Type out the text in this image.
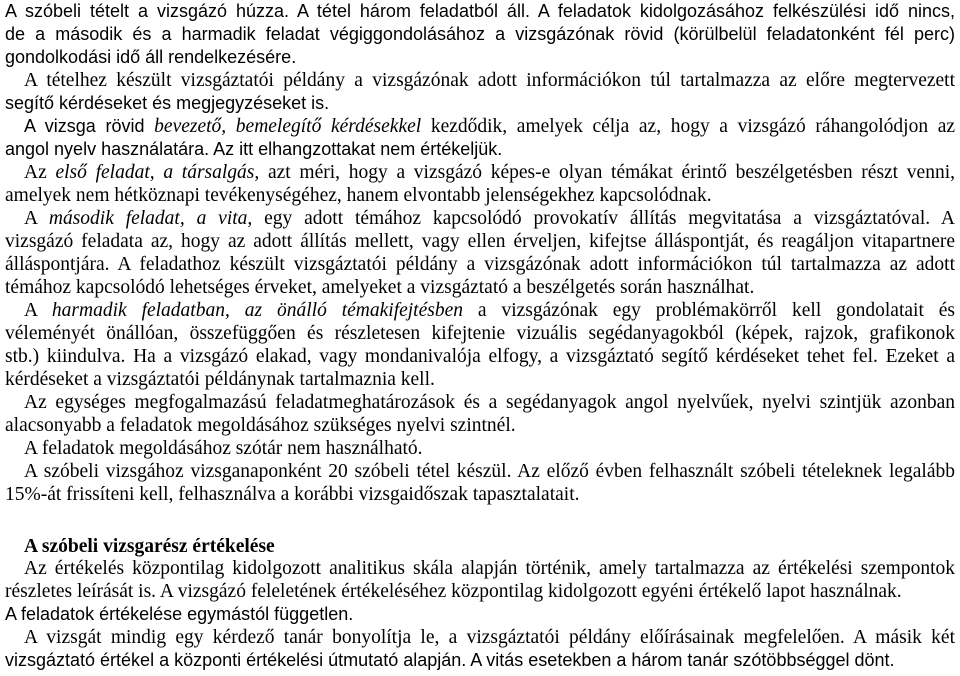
A szóbeli tételt a vizsgázó húzza. A tétel három feladatból áll. A feladatok kidolgozásához felkészülési idő nincs,
de a második és a harmadik feladat végiggondolásához a vizsgázónak rövid (körülbelül feladatonként fél perc)
gondolkodási idő áll rendelkezésére.
A tételhez készült vizsgáztatói példány a vizsgázónak adott információkon túl tartalmazza az előre megtervezett
segítő kérdéseket és megjegyzéseket is.
A vizsga rövid bevezető, bemelegítő kérdésekkel kezdődik, amelyek célja az, hogy a vizsgázó ráhangolódjon az
angol nyelv használatára. Az itt elhangzottakat nem értékeljük.
Az első feladat, a társalgás, azt méri, hogy a vizsgázó képes-e olyan témákat érintő beszélgetésben részt venni,
amelyek nem hétköznapi tevékenységéhez, hanem elvontabb jelenségekhez kapcsolódnak.
A második feladat, a vita, egy adott témához kapcsolódó provokatív állítás megvitatása a vizsgáztatóval. A
vizsgázó feladata az, hogy az adott állítás mellett, vagy ellen érveljen, kifejtse álláspontját, és reagáljon vitapartnere
álláspontjára. A feladathoz készült vizsgáztatói példány a vizsgázónak adott információkon túl tartalmazza az adott
témához kapcsolódó lehetséges érveket, amelyeket a vizsgáztató a beszélgetés során használhat.
A harmadik feladatban, az önálló témakifejtésben a vizsgázónak egy problémakörről kell gondolatait és
véleményét önállóan, összefüggően és részletesen kifejtenie vizuális segédanyagokból (képek, rajzok, grafikonok
stb.) kiindulva. Ha a vizsgázó elakad, vagy mondanivalója elfogy, a vizsgáztató segítő kérdéseket tehet fel. Ezeket a
kérdéseket a vizsgáztatói példánynak tartalmaznia kell.
Az egységes megfogalmazású feladatmeghatározások és a segédanyagok angol nyelvűek, nyelvi szintjük azonban
alacsonyabb a feladatok megoldásához szükséges nyelvi szintnél.
A feladatok megoldásához szótár nem használható.
A szóbeli vizsgához vizsganaponként 20 szóbeli tétel készül. Az előző évben felhasznált szóbeli tételeknek legalább
15%-át frissíteni kell, felhasználva a korábbi vizsgaidőszak tapasztalatait.
A szóbeli vizsgarész értékelése
Az értékelés központilag kidolgozott analitikus skála alapján történik, amely tartalmazza az értékelési szempontok
részletes leírását is. A vizsgázó feleletének értékeléséhez központilag kidolgozott egyéni értékelő lapot használnak.
A feladatok értékelése egymástól független.
A vizsgát mindig egy kérdező tanár bonyolítja le, a vizsgáztatói példány előírásainak megfelelően. A másik két
vizsgáztató értékel a központi értékelési útmutató alapján. A vitás esetekben a három tanár szótöbbséggel dönt.
